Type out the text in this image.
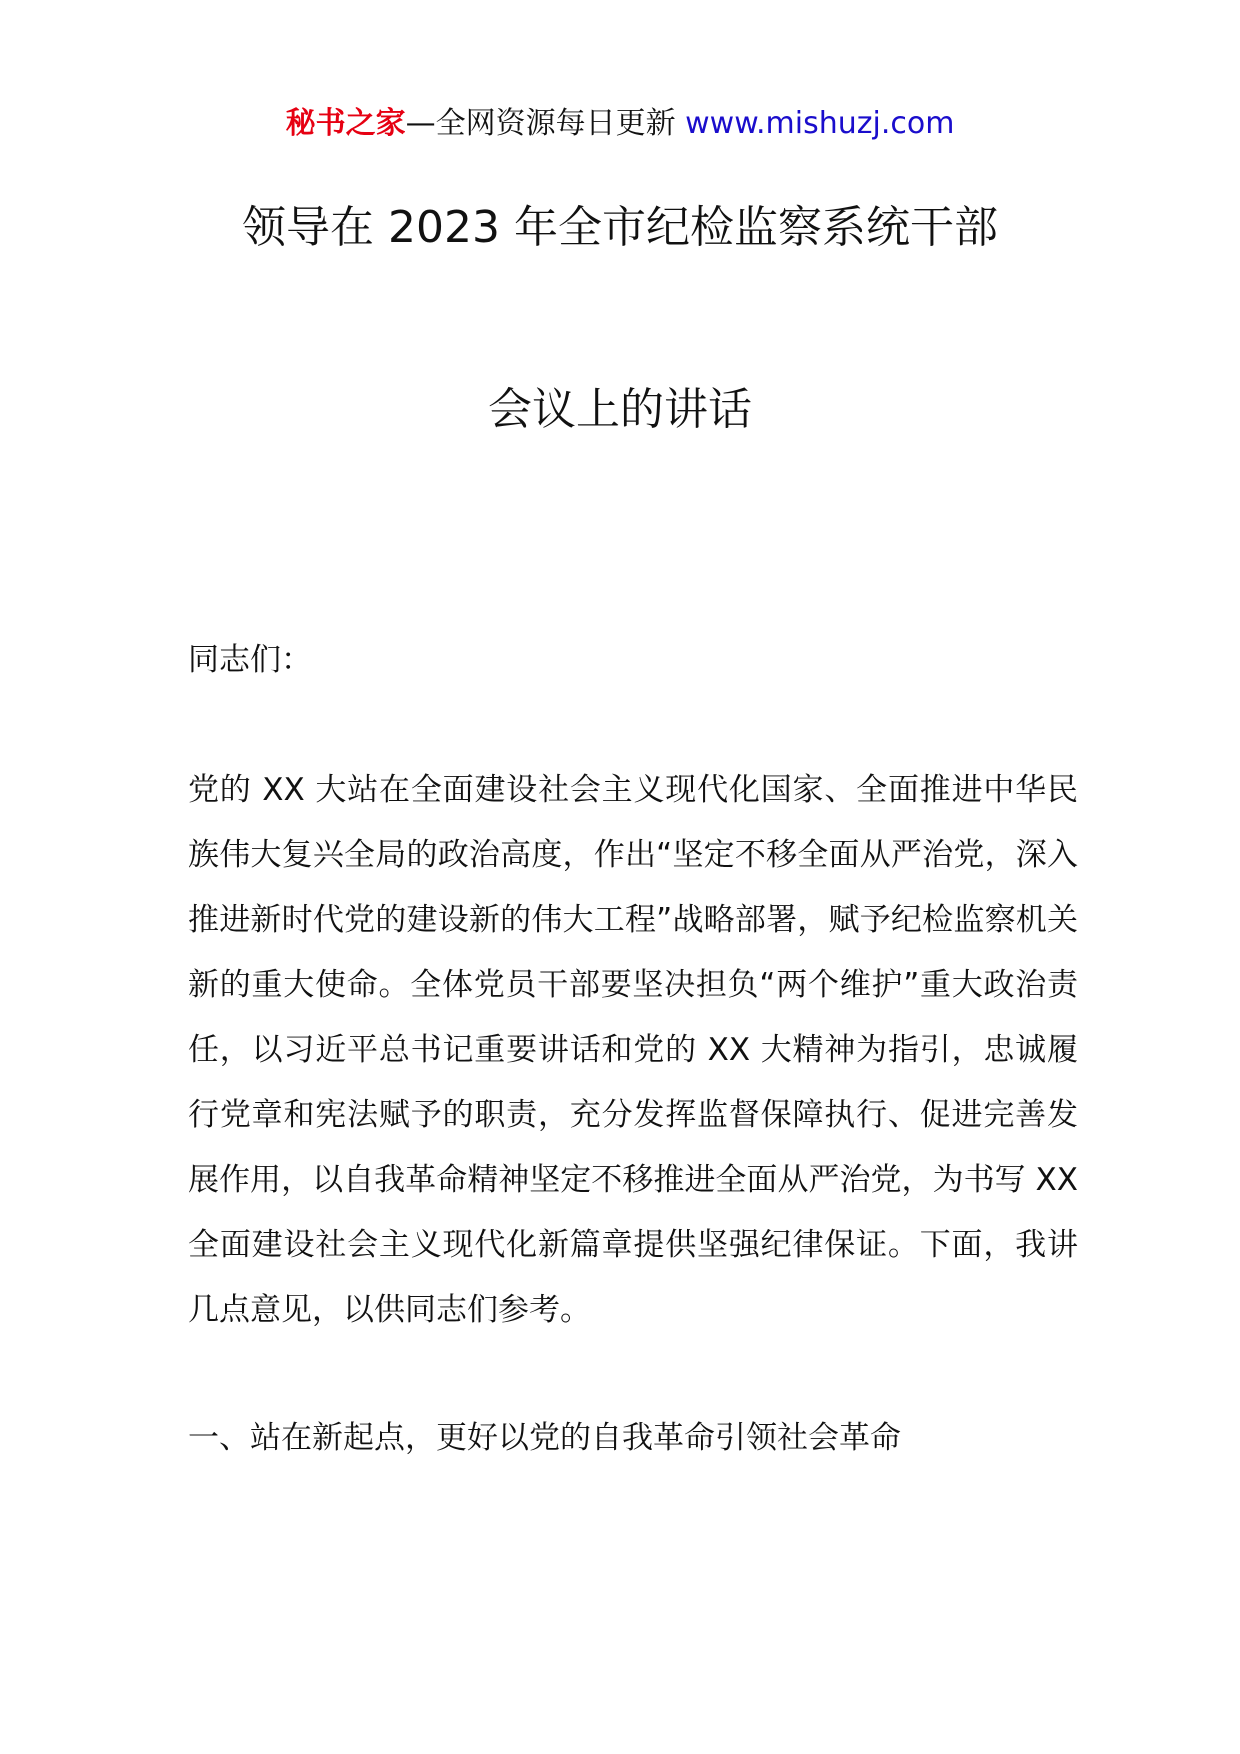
秘书之家—全网资源每日更新 www.mishuzj.com
领导在 2023 年全市纪检监察系统干部
会议上的讲话
同志们：
党的 XX 大站在全面建设社会主义现代化国家、全面推进中华民族伟大复兴全局的政治高度，作出“坚定不移全面从严治党，深入推进新时代党的建设新的伟大工程”战略部署，赋予纪检监察机关新的重大使命。全体党员干部要坚决担负“两个维护”重大政治责任，以习近平总书记重要讲话和党的 XX 大精神为指引，忠诚履行党章和宪法赋予的职责，充分发挥监督保障执行、促进完善发展作用，以自我革命精神坚定不移推进全面从严治党，为书写 XX 全面建设社会主义现代化新篇章提供坚强纪律保证。下面，我讲几点意见，以供同志们参考。
一、站在新起点，更好以党的自我革命引领社会革命
